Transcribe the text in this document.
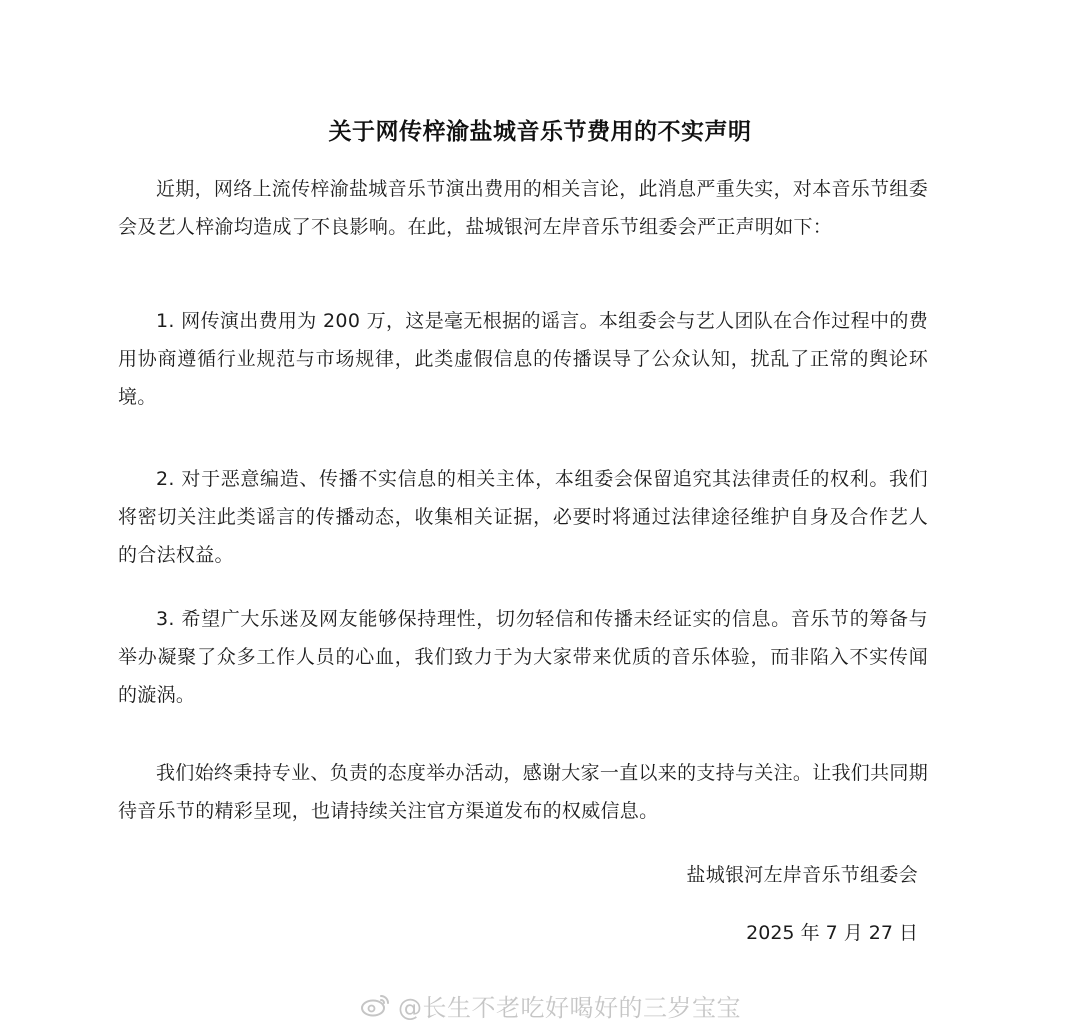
关于网传梓渝盐城音乐节费用的不实声明

近期，网络上流传梓渝盐城音乐节演出费用的相关言论，此消息严重失实，对本音乐节组委会及艺人梓渝均造成了不良影响。在此，盐城银河左岸音乐节组委会严正声明如下：

1. 网传演出费用为 200 万，这是毫无根据的谣言。本组委会与艺人团队在合作过程中的费用协商遵循行业规范与市场规律，此类虚假信息的传播误导了公众认知，扰乱了正常的舆论环境。

2. 对于恶意编造、传播不实信息的相关主体，本组委会保留追究其法律责任的权利。我们将密切关注此类谣言的传播动态，收集相关证据，必要时将通过法律途径维护自身及合作艺人的合法权益。

3. 希望广大乐迷及网友能够保持理性，切勿轻信和传播未经证实的信息。音乐节的筹备与举办凝聚了众多工作人员的心血，我们致力于为大家带来优质的音乐体验，而非陷入不实传闻的漩涡。

我们始终秉持专业、负责的态度举办活动，感谢大家一直以来的支持与关注。让我们共同期待音乐节的精彩呈现，也请持续关注官方渠道发布的权威信息。

盐城银河左岸音乐节组委会

2025 年 7 月 27 日

@长生不老吃好喝好的三岁宝宝
